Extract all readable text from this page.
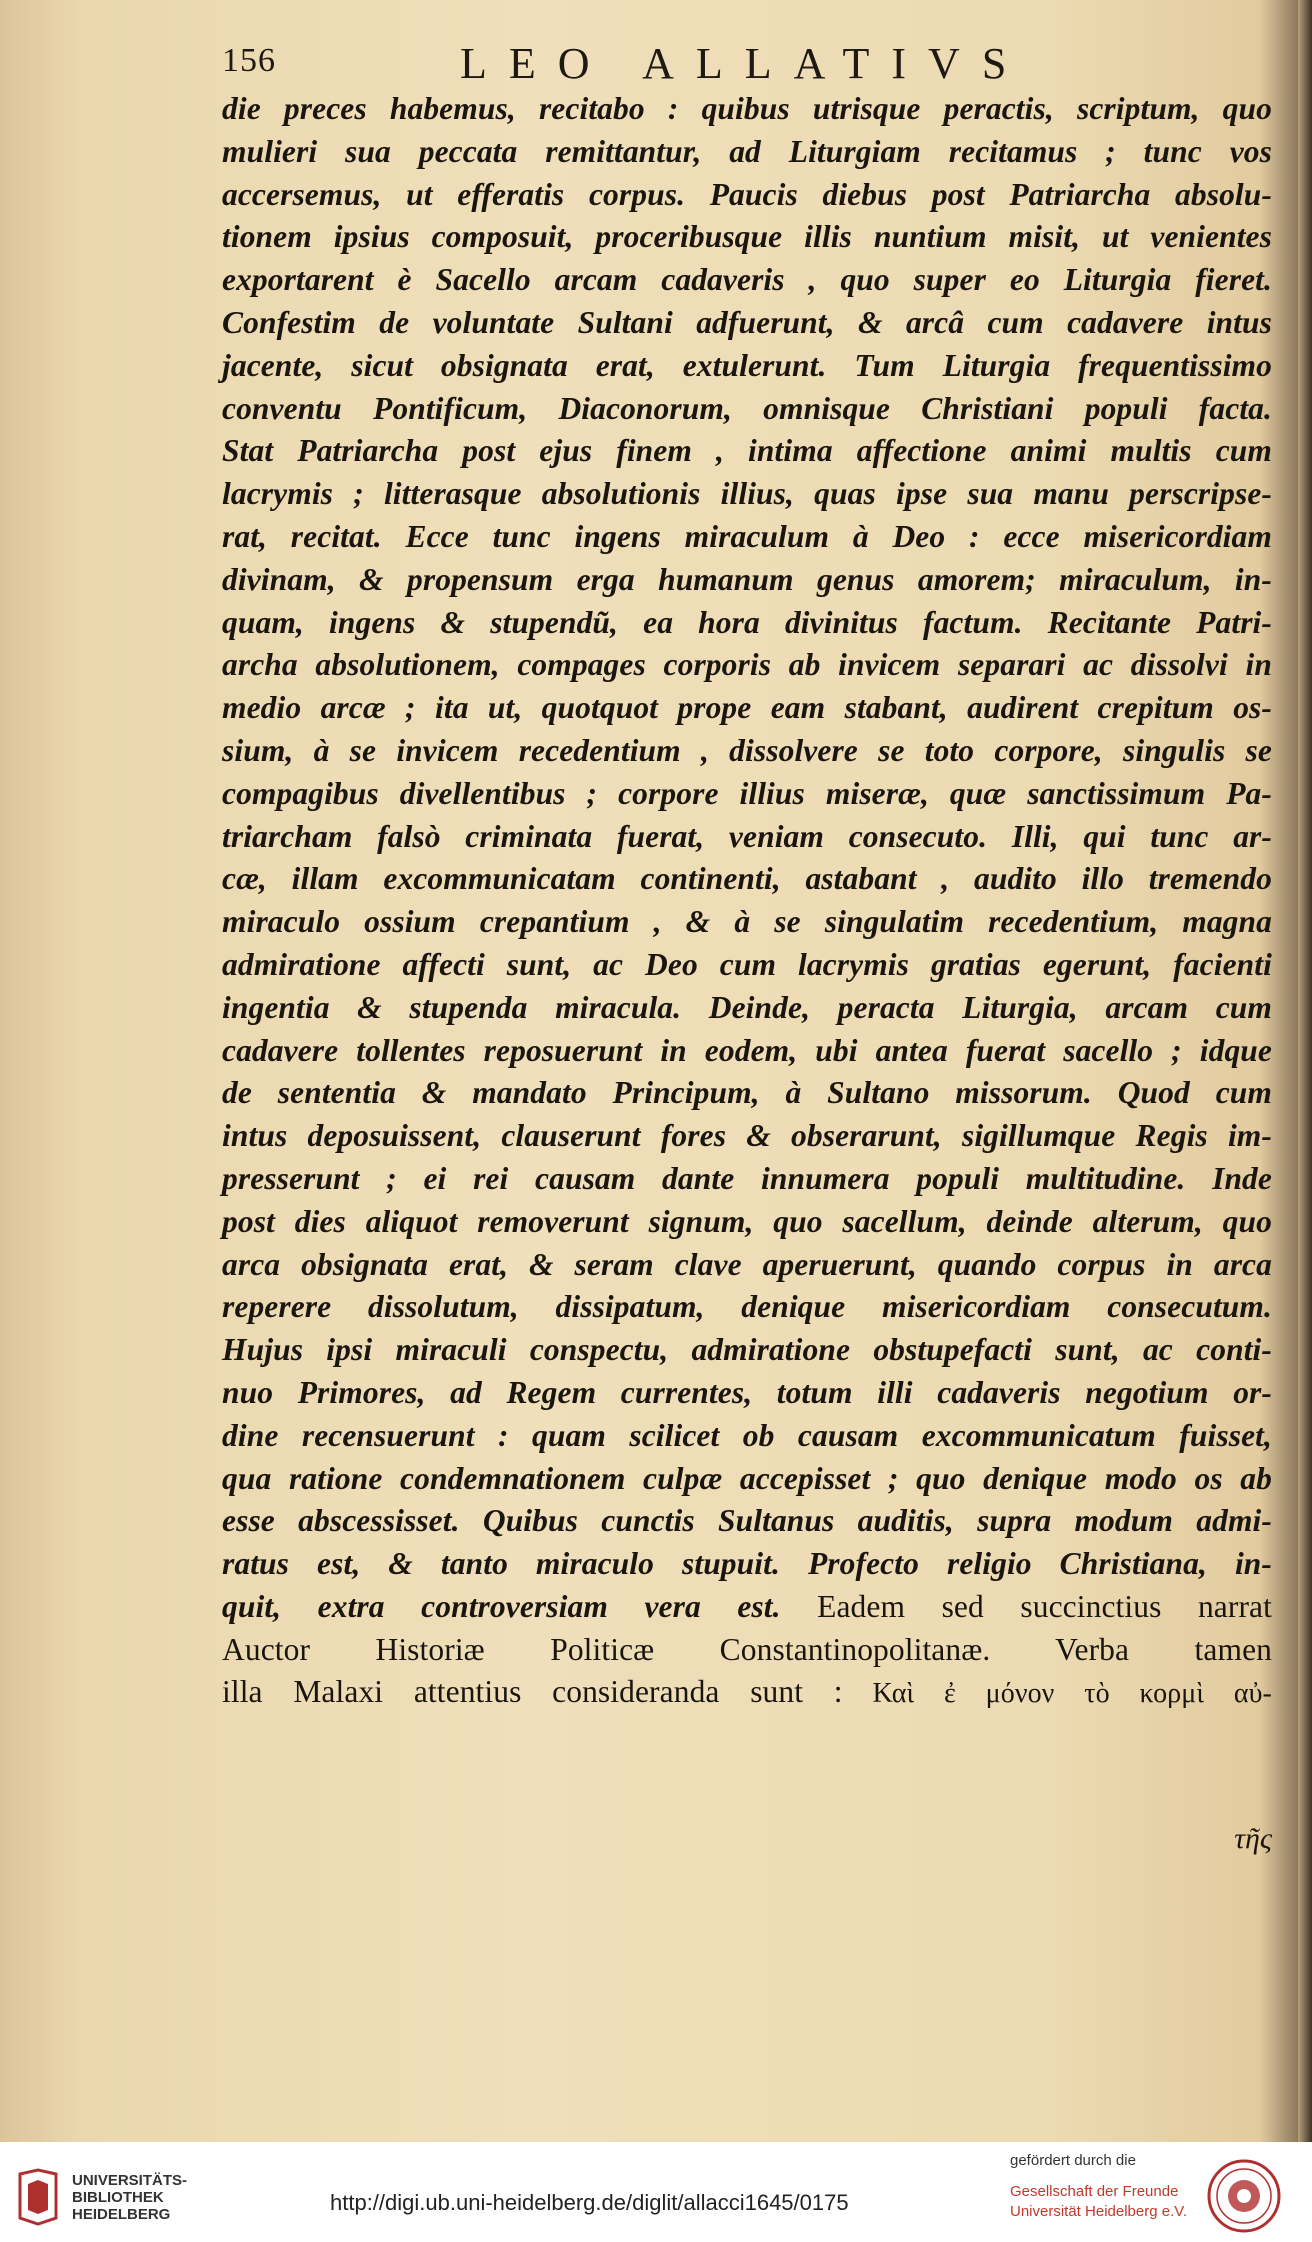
156	LEO ALLATIVS
die preces habemus, recitabo : quibus utrisque peractis, scriptum, quo
mulieri sua peccata remittantur, ad Liturgiam recitamus ; tunc vos
accersemus, ut efferatis corpus. Paucis diebus post Patriarcha absolu-
tionem ipsius composuit, proceribusque illis nuntium misit, ut venientes
exportarent è Sacello arcam cadaveris , quo super eo Liturgia fieret.
Confestim de voluntate Sultani adfuerunt, & arcâ cum cadavere intus
jacente, sicut obsignata erat, extulerunt. Tum Liturgia frequentissimo
conventu Pontificum, Diaconorum, omnisque Christiani populi facta.
Stat Patriarcha post ejus finem , intima affectione animi multis cum
lacrymis ; litterasque absolutionis illius, quas ipse sua manu perscripse-
rat, recitat. Ecce tunc ingens miraculum à Deo : ecce misericordiam
divinam, & propensum erga humanum genus amorem; miraculum, in-
quam, ingens & stupendũ, ea hora divinitus factum. Recitante Patri-
archa absolutionem, compages corporis ab invicem separari ac dissolvi in
medio arcæ ; ita ut, quotquot prope eam stabant, audirent crepitum os-
sium, à se invicem recedentium , dissolvere se toto corpore, singulis se
compagibus divellentibus ; corpore illius miseræ, quæ sanctissimum Pa-
triarcham falsò criminata fuerat, veniam consecuto. Illi, qui tunc ar-
cæ, illam excommunicatam continenti, astabant , audito illo tremendo
miraculo ossium crepantium , & à se singulatim recedentium, magna
admiratione affecti sunt, ac Deo cum lacrymis gratias egerunt, facienti
ingentia & stupenda miracula. Deinde, peracta Liturgia, arcam cum
cadavere tollentes reposuerunt in eodem, ubi antea fuerat sacello ; idque
de sententia & mandato Principum, à Sultano missorum. Quod cum
intus deposuissent, clauserunt fores & obserarunt, sigillumque Regis im-
presserunt ; ei rei causam dante innumera populi multitudine. Inde
post dies aliquot removerunt signum, quo sacellum, deinde alterum, quo
arca obsignata erat, & seram clave aperuerunt, quando corpus in arca
reperere dissolutum, dissipatum, denique misericordiam consecutum.
Hujus ipsi miraculi conspectu, admiratione obstupefacti sunt, ac conti-
nuo Primores, ad Regem currentes, totum illi cadaveris negotium or-
dine recensuerunt : quam scilicet ob causam excommunicatum fuisset,
qua ratione condemnationem culpæ accepisset ; quo denique modo os ab
esse abscessisset. Quibus cunctis Sultanus auditis, supra modum admi-
ratus est, & tanto miraculo stupuit. Profecto religio Christiana, in-
quit, extra controversiam vera est. Eadem sed succinctius narrat
Auctor Historiæ Politicæ Constantinopolitanæ. Verba tamen
illa Malaxi attentius consideranda sunt : Καὶ ἐ μόνον τὸ κορμὶ αὐ-
τῆς
UNIVERSITÄTS-
BIBLIOTHEK
HEIDELBERG	http://digi.ub.uni-heidelberg.de/diglit/allacci1645/0175
gefördert durch die
Gesellschaft der Freunde
Universität Heidelberg e.V.
